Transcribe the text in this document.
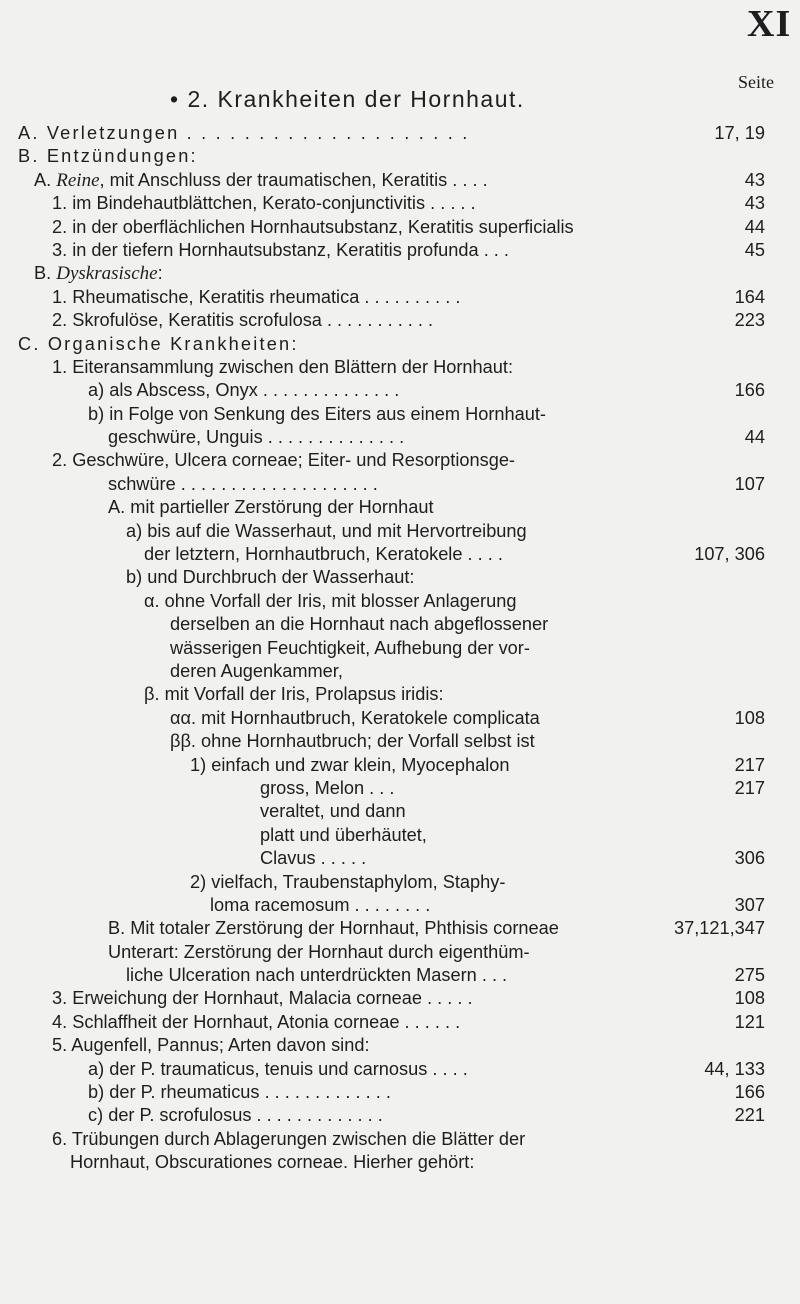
XI
Seite
• 2. Krankheiten der Hornhaut.
A. Verletzungen . . . . . . . . . . . . . . . . . . . .	17, 19
B. Entzündungen:
A. Reine, mit Anschluss der traumatischen, Keratitis . . . .	43
1. im Bindehautblättchen, Kerato-conjunctivitis . . . . .	43
2. in der oberflächlichen Hornhautsubstanz, Keratitis superficialis	44
3. in der tiefern Hornhautsubstanz, Keratitis profunda . . .	45
B. Dyskrasische:
1. Rheumatische, Keratitis rheumatica . . . . . . . . . .	164
2. Skrofulöse, Keratitis scrofulosa . . . . . . . . . . .	223
C. Organische Krankheiten:
1. Eiteransammlung zwischen den Blättern der Hornhaut:
a) als Abscess, Onyx . . . . . . . . . . . . . .	166
b) in Folge von Senkung des Eiters aus einem Hornhaut-
geschwüre, Unguis . . . . . . . . . . . . . .	44
2. Geschwüre, Ulcera corneae; Eiter- und Resorptionsge-
schwüre . . . . . . . . . . . . . . . . . . . .	107
A. mit partieller Zerstörung der Hornhaut
a) bis auf die Wasserhaut, und mit Hervortreibung
der letztern, Hornhautbruch, Keratokele . . . .	107, 306
b) und Durchbruch der Wasserhaut:
α. ohne Vorfall der Iris, mit blosser Anlagerung
derselben an die Hornhaut nach abgeflossener
wässerigen Feuchtigkeit, Aufhebung der vor-
deren Augenkammer,
β. mit Vorfall der Iris, Prolapsus iridis:
αα. mit Hornhautbruch, Keratokele complicata	108
ββ. ohne Hornhautbruch; der Vorfall selbst ist
1) einfach und zwar klein, Myocephalon	217
gross, Melon . . .	217
veraltet, und dann
platt und überhäutet,
Clavus . . . . .	306
2) vielfach, Traubenstaphylom, Staphy-
loma racemosum . . . . . . . .	307
B. Mit totaler Zerstörung der Hornhaut, Phthisis corneae	37,121,347
Unterart: Zerstörung der Hornhaut durch eigenthüm-
liche Ulceration nach unterdrückten Masern . . .	275
3. Erweichung der Hornhaut, Malacia corneae . . . . .	108
4. Schlaffheit der Hornhaut, Atonia corneae . . . . . .	121
5. Augenfell, Pannus; Arten davon sind:
a) der P. traumaticus, tenuis und carnosus . . . .	44, 133
b) der P. rheumaticus . . . . . . . . . . . . .	166
c) der P. scrofulosus . . . . . . . . . . . . .	221
6. Trübungen durch Ablagerungen zwischen die Blätter der
Hornhaut, Obscurationes corneae. Hierher gehört:
